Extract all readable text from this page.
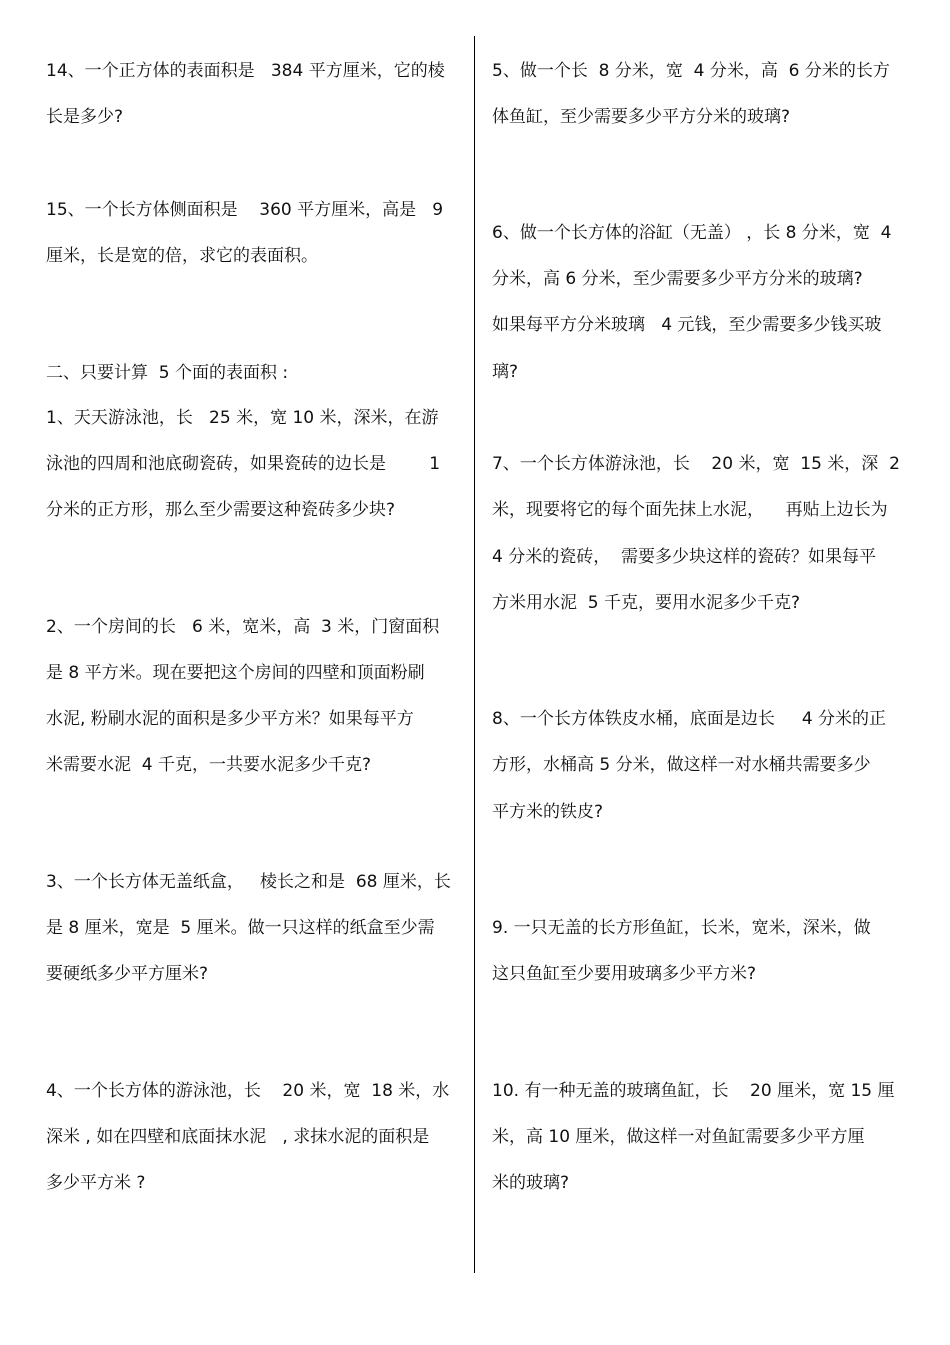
14、一个正方体的表面积是   384 平方厘米，它的棱
长是多少?
15、一个长方体侧面积是    360 平方厘米，高是   9
厘米，长是宽的倍，求它的表面积。
二、只要计算  5 个面的表面积 :
1、天天游泳池，长   25 米，宽 10 米，深米，在游
泳池的四周和池底砌瓷砖，如果瓷砖的边长是        1
分米的正方形，那么至少需要这种瓷砖多少块?
2、一个房间的长   6 米，宽米，高  3 米，门窗面积
是 8 平方米。现在要把这个房间的四壁和顶面粉刷
水泥, 粉刷水泥的面积是多少平方米？如果每平方
米需要水泥  4 千克，一共要水泥多少千克?
3、一个长方体无盖纸盒，   棱长之和是  68 厘米，长
是 8 厘米，宽是  5 厘米。做一只这样的纸盒至少需
要硬纸多少平方厘米?
4、一个长方体的游泳池，长    20 米，宽  18 米，水
深米 , 如在四壁和底面抹水泥   , 求抹水泥的面积是
多少平方米 ?
5、做一个长  8 分米，宽  4 分米，高  6 分米的长方
体鱼缸，至少需要多少平方分米的玻璃?
6、做一个长方体的浴缸（无盖） ，长 8 分米，宽  4
分米，高 6 分米，至少需要多少平方分米的玻璃?
如果每平方分米玻璃   4 元钱，至少需要多少钱买玻
璃?
7、一个长方体游泳池，长    20 米，宽  15 米，深  2
米，现要将它的每个面先抹上水泥，    再贴上边长为
4 分米的瓷砖，  需要多少块这样的瓷砖？如果每平
方米用水泥  5 千克，要用水泥多少千克?
8、一个长方体铁皮水桶，底面是边长     4 分米的正
方形，水桶高 5 分米，做这样一对水桶共需要多少
平方米的铁皮?
9. 一只无盖的长方形鱼缸，长米，宽米，深米，做
这只鱼缸至少要用玻璃多少平方米?
10. 有一种无盖的玻璃鱼缸，长    20 厘米，宽 15 厘
米，高 10 厘米，做这样一对鱼缸需要多少平方厘
米的玻璃?
